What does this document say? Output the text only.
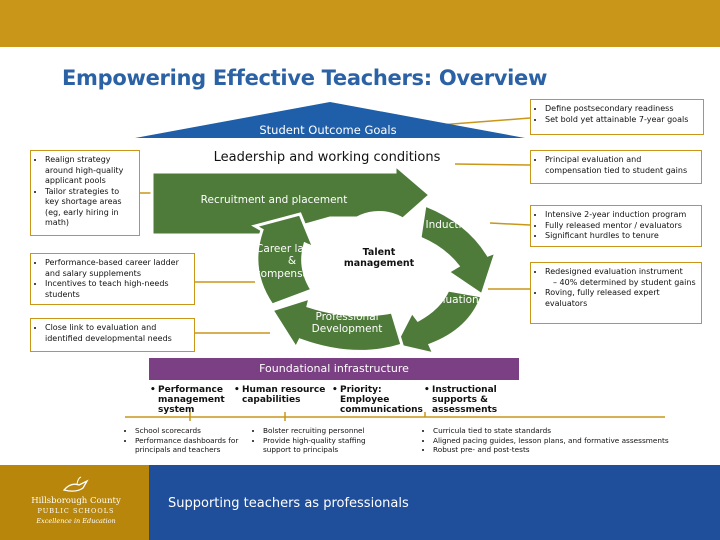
Empowering Effective Teachers: Overview
Student Outcome Goals
Leadership and working conditions
Recruitment and placement
Induction
Evaluation
Professional
Development
Career ladder
&
compensation
Talent
management
• Define postsecondary readiness
• Set bold yet attainable 7-year goals
• Principal evaluation and compensation tied to student gains
• Intensive 2-year induction program
• Fully released mentor / evaluators
• Significant hurdles to tenure
• Redesigned evaluation instrument
– 40% determined by student gains
• Roving, fully released expert evaluators
• Realign strategy around high-quality applicant pools
• Tailor strategies to key shortage areas (eg, early hiring in math)
• Performance-based career ladder and salary supplements
• Incentives to teach high-needs students
• Close link to evaluation and identified developmental needs
Foundational infrastructure
• Performance management system
• Human resource capabilities
• Priority: Employee communications
• Instructional supports & assessments
• School scorecards
• Performance dashboards for principals and teachers
• Bolster recruiting personnel
• Provide high-quality staffing support to principals
• Curricula tied to state standards
• Aligned pacing guides, lesson plans, and formative assessments
• Robust pre- and post-tests
Hillsborough County
PUBLIC SCHOOLS
Excellence in Education
Supporting teachers as professionals
